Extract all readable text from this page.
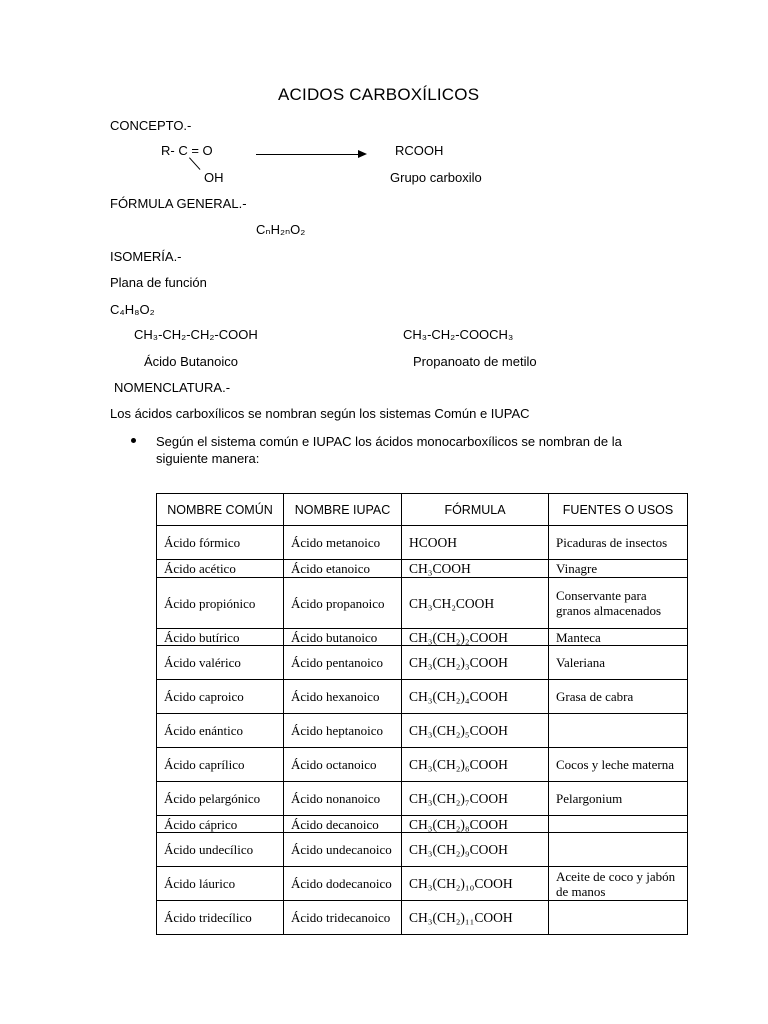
ACIDOS CARBOXÍLICOS
CONCEPTO.-
R- C = O
OH
RCOOH
Grupo carboxilo
FÓRMULA GENERAL.-
CₙH₂ₙO₂
ISOMERÍA.-
Plana de función
C₄H₈O₂
CH₃-CH₂-CH₂-COOH	CH₃-CH₂-COOCH₃
Ácido Butanoico	Propanoato de metilo
NOMENCLATURA.-
Los ácidos carboxílicos se nombran según los sistemas Común e IUPAC
Según el sistema común e IUPAC los ácidos monocarboxílicos se nombran de la siguiente manera:
NOMBRE COMÚN	NOMBRE IUPAC	FÓRMULA	FUENTES O USOS
Ácido fórmico	Ácido metanoico	HCOOH	Picaduras de insectos
Ácido acético	Ácido etanoico	CH₃COOH	Vinagre
Ácido propiónico	Ácido propanoico	CH₃CH₂COOH	Conservante para granos almacenados
Ácido butírico	Ácido butanoico	CH₃(CH₂)₂COOH	Manteca
Ácido valérico	Ácido pentanoico	CH₃(CH₂)₃COOH	Valeriana
Ácido caproico	Ácido hexanoico	CH₃(CH₂)₄COOH	Grasa de cabra
Ácido enántico	Ácido heptanoico	CH₃(CH₂)₅COOH	
Ácido caprílico	Ácido octanoico	CH₃(CH₂)₆COOH	Cocos y leche materna
Ácido pelargónico	Ácido nonanoico	CH₃(CH₂)₇COOH	Pelargonium
Ácido cáprico	Ácido decanoico	CH₃(CH₂)₈COOH	
Ácido undecílico	Ácido undecanoico	CH₃(CH₂)₉COOH	
Ácido láurico	Ácido dodecanoico	CH₃(CH₂)₁₀COOH	Aceite de coco y jabón de manos
Ácido tridecílico	Ácido tridecanoico	CH₃(CH₂)₁₁COOH	
